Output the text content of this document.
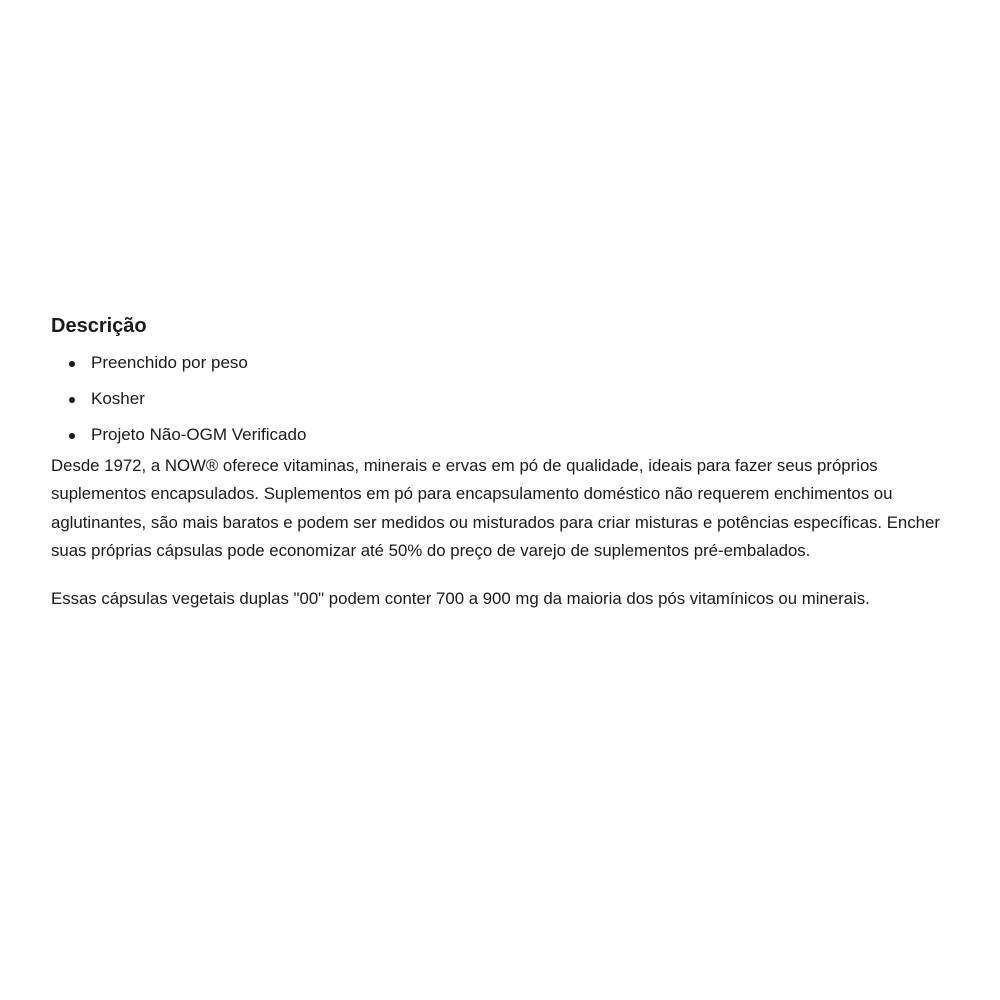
Descrição
Preenchido por peso
Kosher
Projeto Não-OGM Verificado

Desde 1972, a NOW® oferece vitaminas, minerais e ervas em pó de qualidade, ideais para fazer seus próprios suplementos encapsulados. Suplementos em pó para encapsulamento doméstico não requerem enchimentos ou aglutinantes, são mais baratos e podem ser medidos ou misturados para criar misturas e potências específicas. Encher suas próprias cápsulas pode economizar até 50% do preço de varejo de suplementos pré-embalados.

Essas cápsulas vegetais duplas "00" podem conter 700 a 900 mg da maioria dos pós vitamínicos ou minerais.
